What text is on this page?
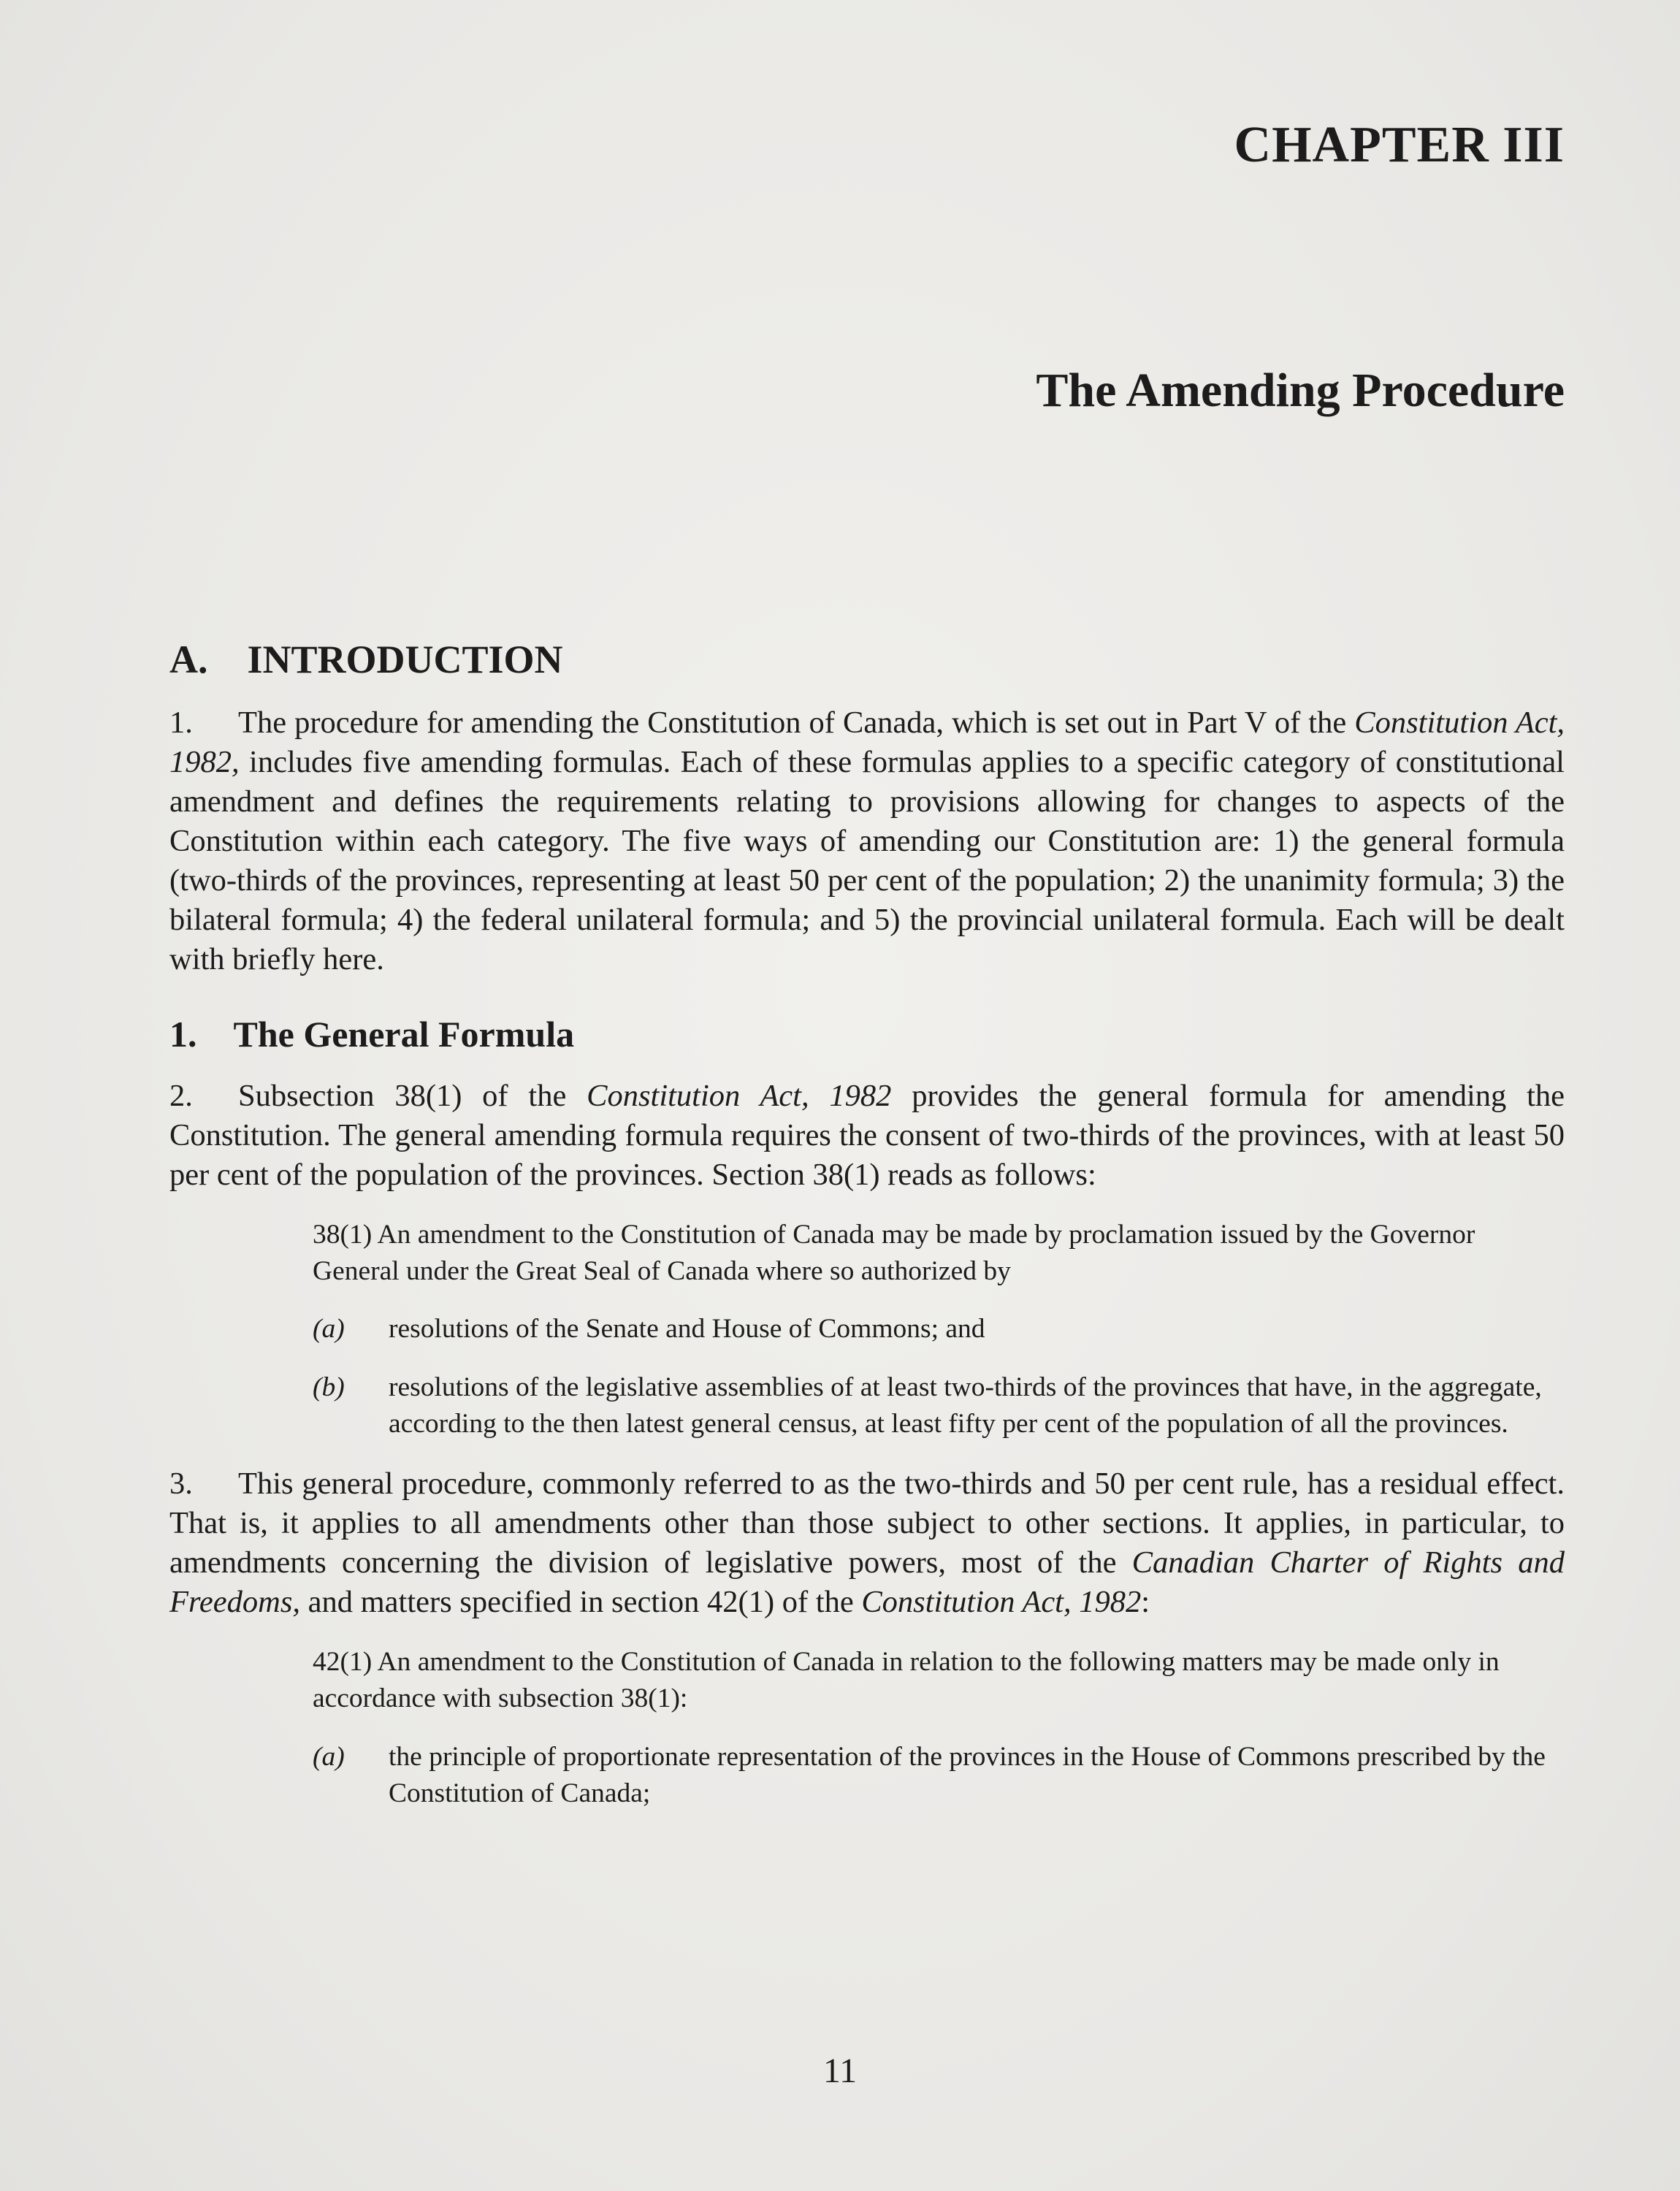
CHAPTER III
The Amending Procedure
A. INTRODUCTION

1. The procedure for amending the Constitution of Canada, which is set out in Part V of the Constitution Act, 1982, includes five amending formulas. Each of these formulas applies to a specific category of constitutional amendment and defines the requirements relating to provisions allowing for changes to aspects of the Constitution within each category. The five ways of amending our Constitution are: 1) the general formula (two-thirds of the provinces, representing at least 50 per cent of the population; 2) the unanimity formula; 3) the bilateral formula; 4) the federal unilateral formula; and 5) the provincial unilateral formula. Each will be dealt with briefly here.

1. The General Formula

2. Subsection 38(1) of the Constitution Act, 1982 provides the general formula for amending the Constitution. The general amending formula requires the consent of two-thirds of the provinces, with at least 50 per cent of the population of the provinces. Section 38(1) reads as follows:

38(1) An amendment to the Constitution of Canada may be made by proclamation issued by the Governor General under the Great Seal of Canada where so authorized by
(a)	resolutions of the Senate and House of Commons; and
(b)	resolutions of the legislative assemblies of at least two-thirds of the provinces that have, in the aggregate, according to the then latest general census, at least fifty per cent of the population of all the provinces.

3. This general procedure, commonly referred to as the two-thirds and 50 per cent rule, has a residual effect. That is, it applies to all amendments other than those subject to other sections. It applies, in particular, to amendments concerning the division of legislative powers, most of the Canadian Charter of Rights and Freedoms, and matters specified in section 42(1) of the Constitution Act, 1982:

42(1) An amendment to the Constitution of Canada in relation to the following matters may be made only in accordance with subsection 38(1):
(a)	the principle of proportionate representation of the provinces in the House of Commons prescribed by the Constitution of Canada;
11
